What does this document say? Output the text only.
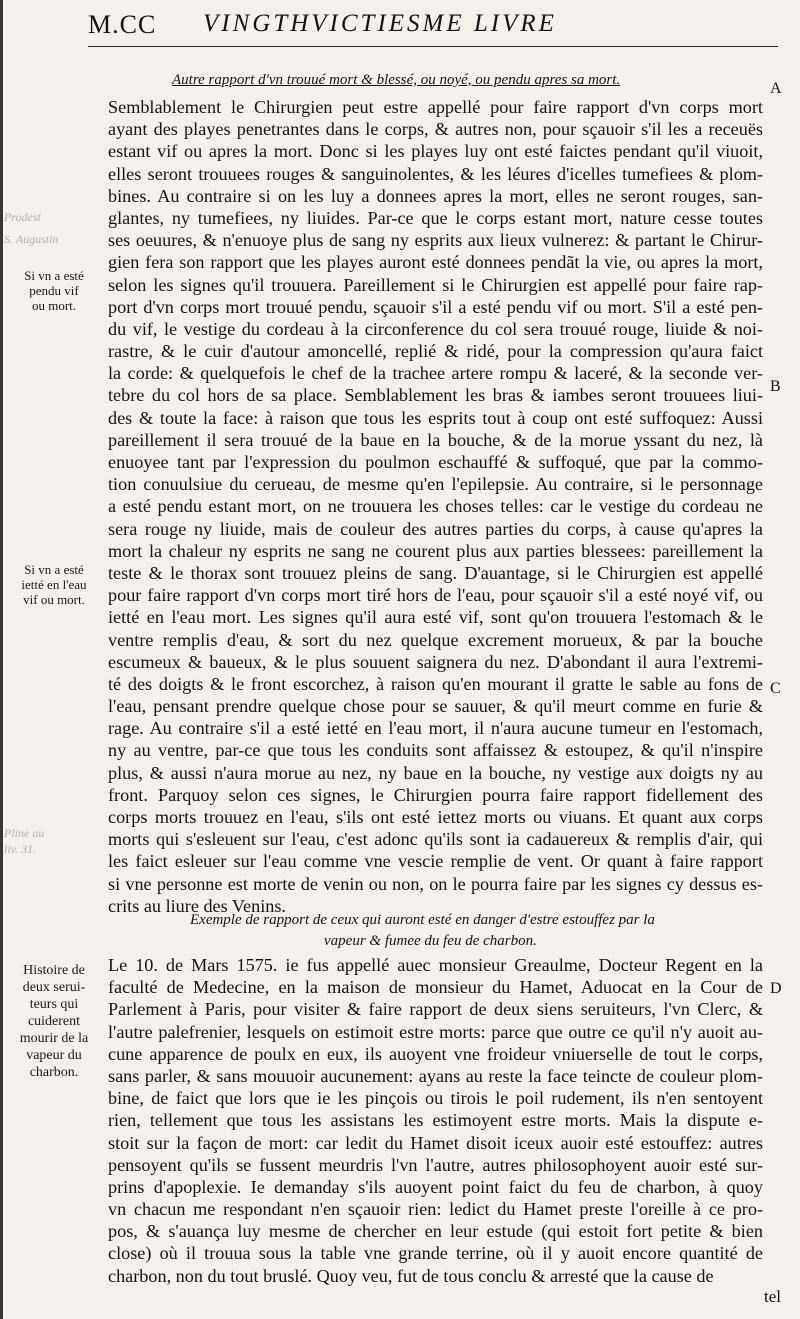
M.CC VINGTHVICTIESME LIVRE
Prodest
S. Augustin
Pline au
liv. 31.
Autre rapport d'vn trouué mort & blessé, ou noyé, ou pendu apres sa mort.
Semblablement le Chirurgien peut estre appellé pour faire rapport d'vn corps mort
ayant des playes penetrantes dans le corps, & autres non, pour sçauoir s'il les a receuës
estant vif ou apres la mort. Donc si les playes luy ont esté faictes pendant qu'il viuoit,
elles seront trouuees rouges & sanguinolentes, & les léures d'icelles tumefiees & plom-
bines. Au contraire si on les luy a donnees apres la mort, elles ne seront rouges, san-
glantes, ny tumefiees, ny liuides. Par-ce que le corps estant mort, nature cesse toutes
ses oeuures, & n'enuoye plus de sang ny esprits aux lieux vulnerez: & partant le Chirur-
gien fera son rapport que les playes auront esté donnees pendãt la vie, ou apres la mort,
selon les signes qu'il trouuera. Pareillement si le Chirurgien est appellé pour faire rap-
port d'vn corps mort trouué pendu, sçauoir s'il a esté pendu vif ou mort. S'il a esté pen-
du vif, le vestige du cordeau à la circonference du col sera trouué rouge, liuide & noi-
rastre, & le cuir d'autour amoncellé, replié & ridé, pour la compression qu'aura faict
la corde: & quelquefois le chef de la trachee artere rompu & laceré, & la seconde ver-
tebre du col hors de sa place. Semblablement les bras & iambes seront trouuees liui-
des & toute la face: à raison que tous les esprits tout à coup ont esté suffoquez: Aussi
pareillement il sera trouué de la baue en la bouche, & de la morue yssant du nez, là
enuoyee tant par l'expression du poulmon eschauffé & suffoqué, que par la commo-
tion conuulsiue du cerueau, de mesme qu'en l'epilepsie. Au contraire, si le personnage
a esté pendu estant mort, on ne trouuera les choses telles: car le vestige du cordeau ne
sera rouge ny liuide, mais de couleur des autres parties du corps, à cause qu'apres la
mort la chaleur ny esprits ne sang ne courent plus aux parties blessees: pareillement la
teste & le thorax sont trouuez pleins de sang. D'auantage, si le Chirurgien est appellé
pour faire rapport d'vn corps mort tiré hors de l'eau, pour sçauoir s'il a esté noyé vif, ou
ietté en l'eau mort. Les signes qu'il aura esté vif, sont qu'on trouuera l'estomach & le
ventre remplis d'eau, & sort du nez quelque excrement morueux, & par la bouche
escumeux & baueux, & le plus souuent saignera du nez. D'abondant il aura l'extremi-
té des doigts & le front escorchez, à raison qu'en mourant il gratte le sable au fons de
l'eau, pensant prendre quelque chose pour se sauuer, & qu'il meurt comme en furie &
rage. Au contraire s'il a esté ietté en l'eau mort, il n'aura aucune tumeur en l'estomach,
ny au ventre, par-ce que tous les conduits sont affaissez & estoupez, & qu'il n'inspire
plus, & aussi n'aura morue au nez, ny baue en la bouche, ny vestige aux doigts ny au
front. Parquoy selon ces signes, le Chirurgien pourra faire rapport fidellement des
corps morts trouuez en l'eau, s'ils ont esté iettez morts ou viuans. Et quant aux corps
morts qui s'esleuent sur l'eau, c'est adonc qu'ils sont ia cadauereux & remplis d'air, qui
les faict esleuer sur l'eau comme vne vescie remplie de vent. Or quant à faire rapport
si vne personne est morte de venin ou non, on le pourra faire par les signes cy dessus es-
crits au liure des Venins.
Exemple de rapport de ceux qui auront esté en danger d'estre estouffez par la
vapeur & fumee du feu de charbon.
Le 10. de Mars 1575. ie fus appellé auec monsieur Greaulme, Docteur Regent en la
faculté de Medecine, en la maison de monsieur du Hamet, Aduocat en la Cour de
Parlement à Paris, pour visiter & faire rapport de deux siens seruiteurs, l'vn Clerc, &
l'autre palefrenier, lesquels on estimoit estre morts: parce que outre ce qu'il n'y auoit au-
cune apparence de poulx en eux, ils auoyent vne froideur vniuerselle de tout le corps,
sans parler, & sans mouuoir aucunement: ayans au reste la face teincte de couleur plom-
bine, de faict que lors que ie les pinçois ou tirois le poil rudement, ils n'en sentoyent
rien, tellement que tous les assistans les estimoyent estre morts. Mais la dispute e-
stoit sur la façon de mort: car ledit du Hamet disoit iceux auoir esté estouffez: autres
pensoyent qu'ils se fussent meurdris l'vn l'autre, autres philosophoyent auoir esté sur-
prins d'apoplexie. Ie demanday s'ils auoyent point faict du feu de charbon, à quoy
vn chacun me respondant n'en sçauoir rien: ledict du Hamet preste l'oreille à ce pro-
pos, & s'auança luy mesme de chercher en leur estude (qui estoit fort petite & bien
close) où il trouua sous la table vne grande terrine, où il y auoit encore quantité de
charbon, non du tout bruslé. Quoy veu, fut de tous conclu & arresté que la cause de
tel
Si vn a esté
pendu vif
ou mort.
Si vn a esté
ietté en l'eau
vif ou mort.
Histoire de
deux serui-
teurs qui
cuiderent
mourir de la
vapeur du
charbon.
A
B
C
D
